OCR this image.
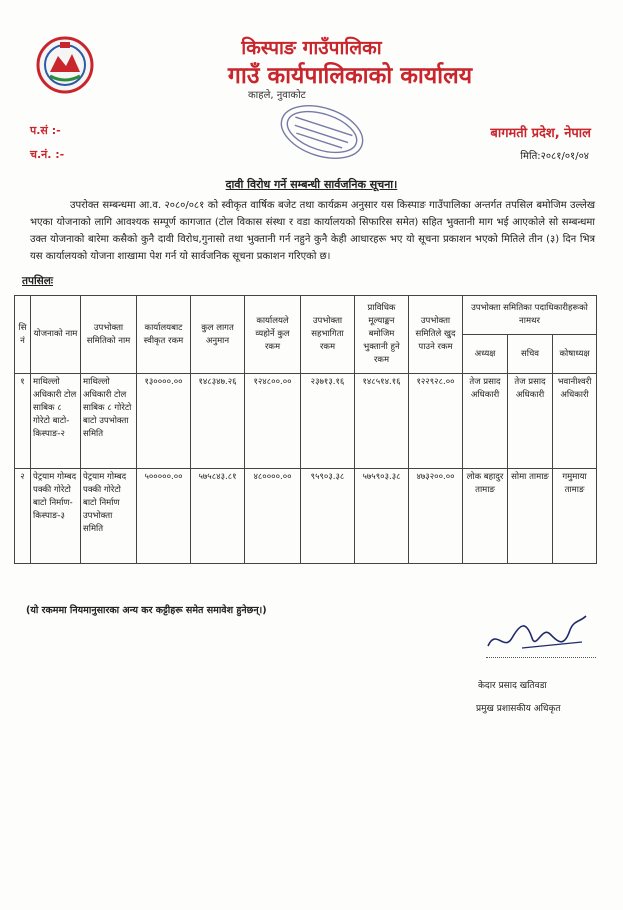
किस्पाङ गाउँपालिका
गाउँ कार्यपालिकाको कार्यालय
काहले, नुवाकोट
प.सं :-
च.नं. :-
बागमती प्रदेश, नेपाल
मिति:२०८१/०१/०४
दावी विरोध गर्ने सम्बन्धी सार्वजनिक सूचना।
उपरोक्त सम्बन्धमा आ.व. २०८०/०८१ को स्वीकृत वार्षिक बजेट तथा कार्यक्रम अनुसार यस किस्पाङ गाउँपालिका अन्तर्गत तपसिल बमोजिम उल्लेख भएका योजनाको लागि आवश्यक सम्पूर्ण कागजात (टोल विकास संस्था र वडा कार्यालयको सिफारिस समेत) सहित भुक्तानी माग भई आएकोले सो सम्बन्धमा उक्त योजनाको बारेमा कसैको कुनै दावी विरोध,गुनासो तथा भुक्तानी गर्न नहुने कुनै केही आधारहरू भए यो सूचना प्रकाशन भएको मितिले तीन (३) दिन भित्र यस कार्यालयको योजना शाखामा पेश गर्न यो सार्वजनिक सूचना प्रकाशन गरिएको छ।
तपसिलः
सि नं	योजनाको नाम	उपभोक्ता समितिको नाम	कार्यालयबाट स्वीकृत रकम	कुल लागत अनुमान	कार्यालयले व्यहोर्ने कुल रकम	उपभोक्ता सहभागिता रकम	प्राविधिक मूल्याङ्कन बमोजिम भुक्तानी हुने रकम	उपभोक्ता समितिले खुद पाउने रकम	उपभोक्ता समितिका पदाधिकारीहरूको नामथर		
									अध्यक्ष	सचिव	कोषाध्यक्ष
१	माथिल्लो अधिकारी टोल साबिक ८ गोरेटो बाटो- किस्पाङ-२	माथिल्लो अधिकारी टोल साबिक ८ गोरेटो बाटो उपभोक्ता समिति	१३००००.००	१४८३४७.२६	१२४८००.००	२३७१३.१६	१४८५१४.१६	१२२९२८.००	तेज प्रसाद अधिकारी	तेज प्रसाद अधिकारी	भवानीश्वरी अधिकारी
२	पेट्रयाम गोम्बद पक्की गोरेटो बाटो निर्माण- किस्पाङ-३	पेट्रयाम गोम्बद पक्की गोरेटो बाटो निर्माण उपभोक्ता समिति	५०००००.००	५७५८४३.८१	४८००००.००	९५९०३.३८	५७५९०३.३८	४७३२००.००	लोक बहादुर तामाङ	सोमा तामाङ	गमुमाया तामाङ
(यो रकममा नियमानुसारका अन्य कर कट्टीहरू समेत समावेश हुनेछन्।)
केदार प्रसाद खतिवडा
प्रमुख प्रशासकीय अधिकृत
